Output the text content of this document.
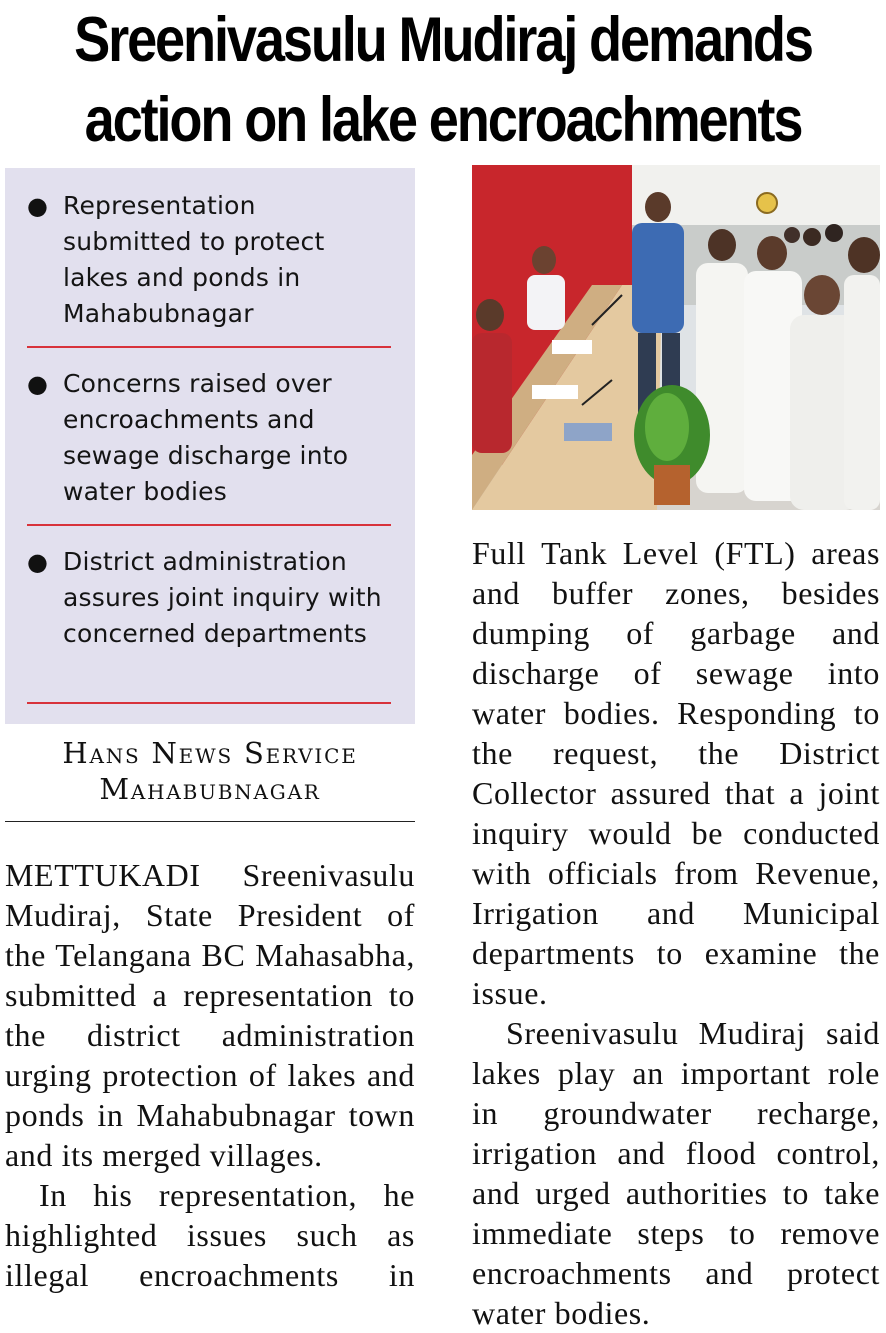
Sreenivasulu Mudiraj demands
action on lake encroachments
● Representation submitted to protect lakes and ponds in Mahabubnagar
● Concerns raised over encroachments and sewage discharge into water bodies
● District administration assures joint inquiry with concerned departments
Hans News Service
Mahabubnagar

METTUKADI Sreenivasulu Mudiraj, State President of the Telangana BC Mahasabha, submitted a representation to the district administration urging protection of lakes and ponds in Mahabubnagar town and its merged villages.

In his representation, he highlighted issues such as illegal encroachments in

Full Tank Level (FTL) areas and buffer zones, besides dumping of garbage and discharge of sewage into water bodies. Responding to the request, the District Collector assured that a joint inquiry would be conducted with officials from Revenue, Irrigation and Municipal departments to examine the issue.

Sreenivasulu Mudiraj said lakes play an important role in groundwater recharge, irrigation and flood control, and urged authorities to take immediate steps to remove encroachments and protect water bodies.
